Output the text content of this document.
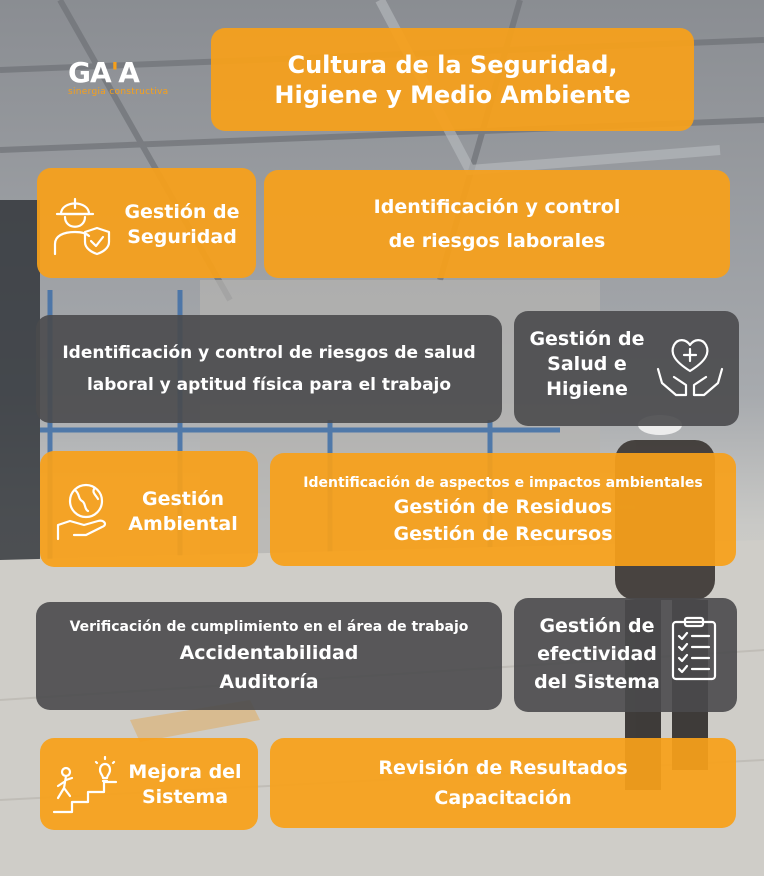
GA'A
sinergia constructiva
Cultura de la Seguridad,
Higiene y Medio Ambiente
Gestión de
Seguridad
Identificación y control
de riesgos laborales
Identificación y control de riesgos de salud
laboral y aptitud física para el trabajo
Gestión de
Salud e
Higiene
Gestión
Ambiental
Identificación de aspectos e impactos ambientales
Gestión de Residuos
Gestión de Recursos
Verificación de cumplimiento en el área de trabajo
Accidentabilidad
Auditoría
Gestión de
efectividad
del Sistema
Mejora del
Sistema
Revisión de Resultados
Capacitación
